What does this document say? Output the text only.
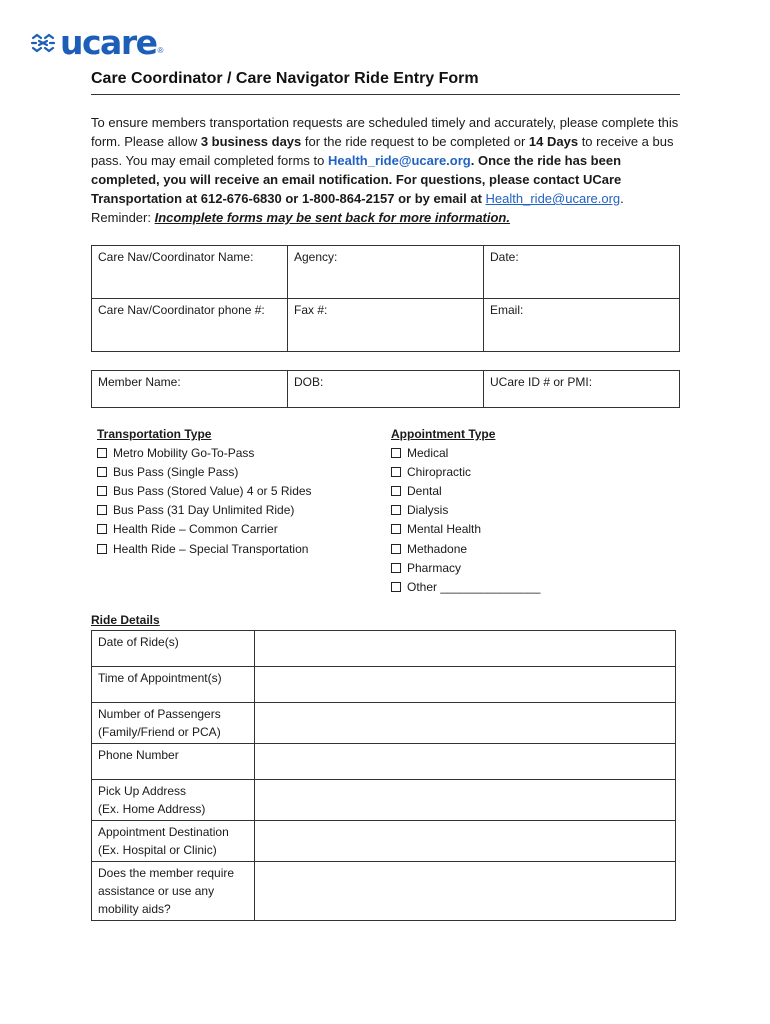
ucare ®
Care Coordinator / Care Navigator Ride Entry Form
To ensure members transportation requests are scheduled timely and accurately, please complete this form. Please allow 3 business days for the ride request to be completed or 14 Days to receive a bus pass. You may email completed forms to Health_ride@ucare.org. Once the ride has been completed, you will receive an email notification. For questions, please contact UCare Transportation at 612-676-6830 or 1-800-864-2157 or by email at Health_ride@ucare.org. Reminder: Incomplete forms may be sent back for more information.
Care Nav/Coordinator Name:	Agency:	Date:
Care Nav/Coordinator phone #:	Fax #:	Email:
Member Name:	DOB:	UCare ID # or PMI:
Transportation Type
Metro Mobility Go-To-Pass
Bus Pass (Single Pass)
Bus Pass (Stored Value) 4 or 5 Rides
Bus Pass (31 Day Unlimited Ride)
Health Ride – Common Carrier
Health Ride – Special Transportation
Appointment Type
Medical
Chiropractic
Dental
Dialysis
Mental Health
Methadone
Pharmacy
Other _______________
Ride Details
Date of Ride(s)	

Time of Appointment(s)	

Number of Passengers
(Family/Friend or PCA)	

Phone Number	

Pick Up Address
(Ex. Home Address)	

Appointment Destination
(Ex. Hospital or Clinic)	

Does the member require
assistance or use any
mobility aids?	
